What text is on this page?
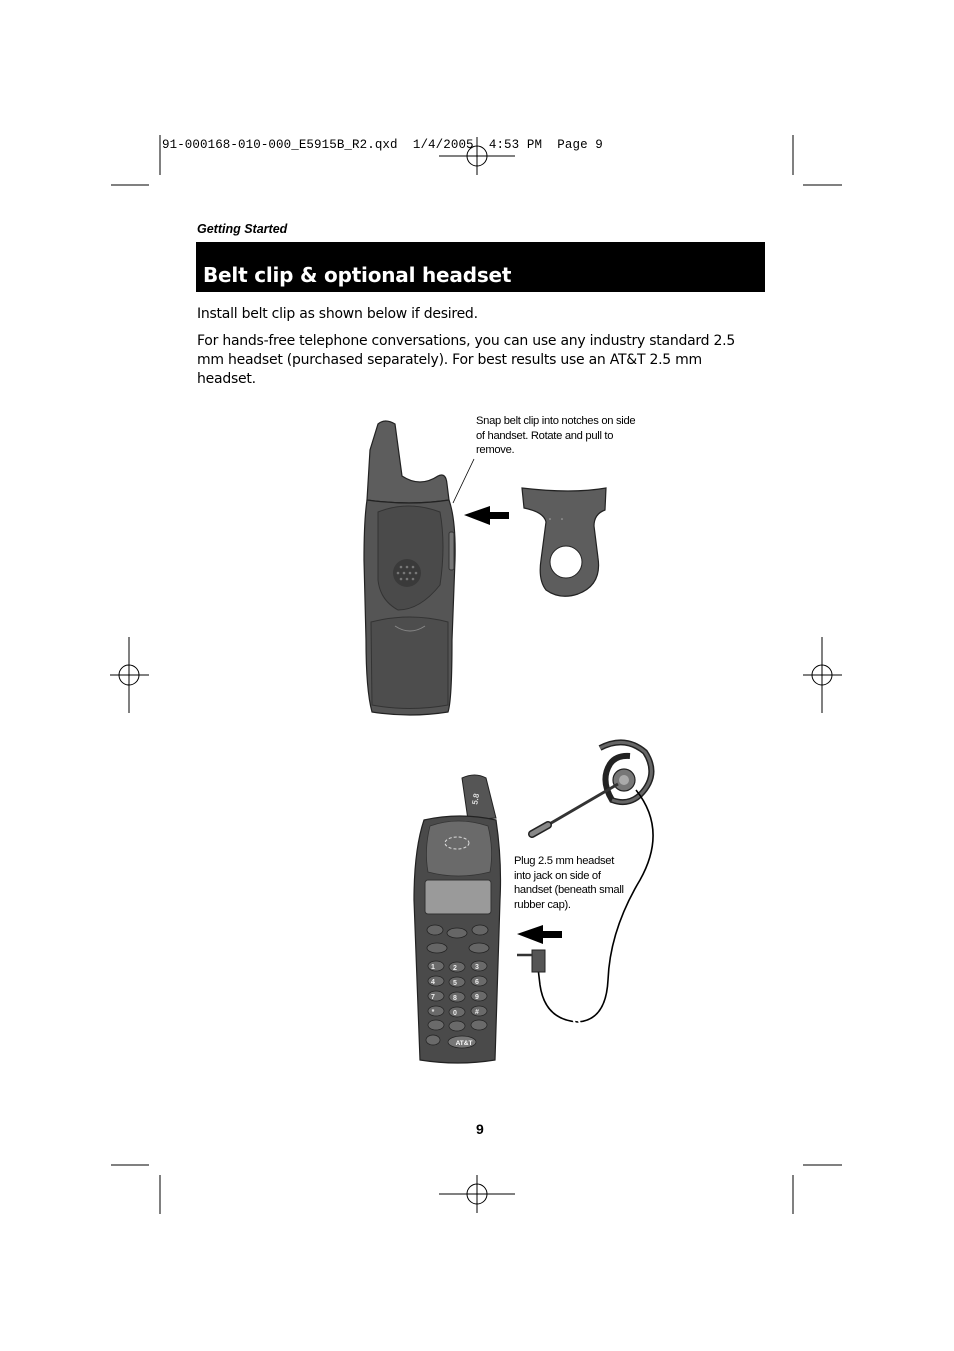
91-000168-010-000_E5915B_R2.qxd  1/4/2005  4:53 PM  Page 9
Getting Started
Belt clip & optional headset
Install belt clip as shown below if desired.
For hands-free telephone conversations, you can use any industry standard 2.5 mm headset (purchased separately). For best results use an AT&T 2.5 mm headset.
Snap belt clip into notches on side of handset. Rotate and pull to remove.
5.8
1	2	3
4	5	6
7	8	9
*	0	#
AT&T
Plug 2.5 mm headset into jack on side of handset (beneath small rubber cap).
9
